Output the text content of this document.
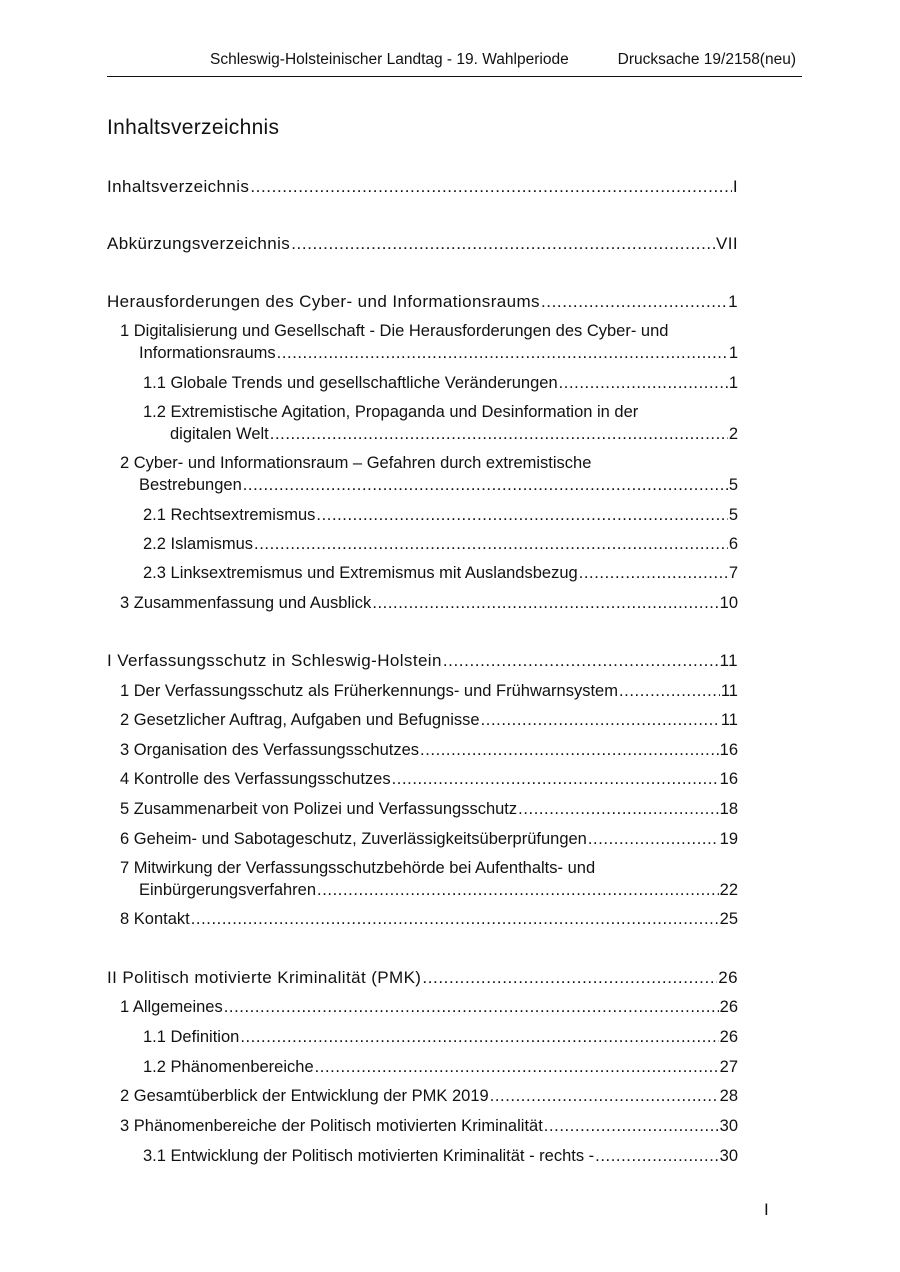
Schleswig-Holsteinischer Landtag - 19. Wahlperiode	Drucksache 19/2158(neu)
Inhaltsverzeichnis
Inhaltsverzeichnis .....	I
Abkürzungsverzeichnis .....	VII
Herausforderungen des Cyber- und Informationsraums .....	1
1 Digitalisierung und Gesellschaft - Die Herausforderungen des Cyber- und
Informationsraums .....	1
1.1 Globale Trends und gesellschaftliche Veränderungen .....	1
1.2 Extremistische Agitation, Propaganda und Desinformation in der
digitalen Welt .....	2
2 Cyber- und Informationsraum – Gefahren durch extremistische
Bestrebungen .....	5
2.1 Rechtsextremismus .....	5
2.2 Islamismus .....	6
2.3 Linksextremismus und Extremismus mit Auslandsbezug .....	7
3 Zusammenfassung und Ausblick .....	10
I Verfassungsschutz in Schleswig-Holstein .....	11
1 Der Verfassungsschutz als Früherkennungs- und Frühwarnsystem .....	11
2 Gesetzlicher Auftrag, Aufgaben und Befugnisse .....	11
3 Organisation des Verfassungsschutzes .....	16
4 Kontrolle des Verfassungsschutzes .....	16
5 Zusammenarbeit von Polizei und Verfassungsschutz .....	18
6 Geheim- und Sabotageschutz, Zuverlässigkeitsüberprüfungen .....	19
7 Mitwirkung der Verfassungsschutzbehörde bei Aufenthalts- und
Einbürgerungsverfahren .....	22
8 Kontakt .....	25
II Politisch motivierte Kriminalität (PMK) .....	26
1 Allgemeines .....	26
1.1 Definition .....	26
1.2 Phänomenbereiche .....	27
2 Gesamtüberblick der Entwicklung der PMK 2019 .....	28
3 Phänomenbereiche der Politisch motivierten Kriminalität .....	30
3.1 Entwicklung der Politisch motivierten Kriminalität - rechts - .....	30
I
